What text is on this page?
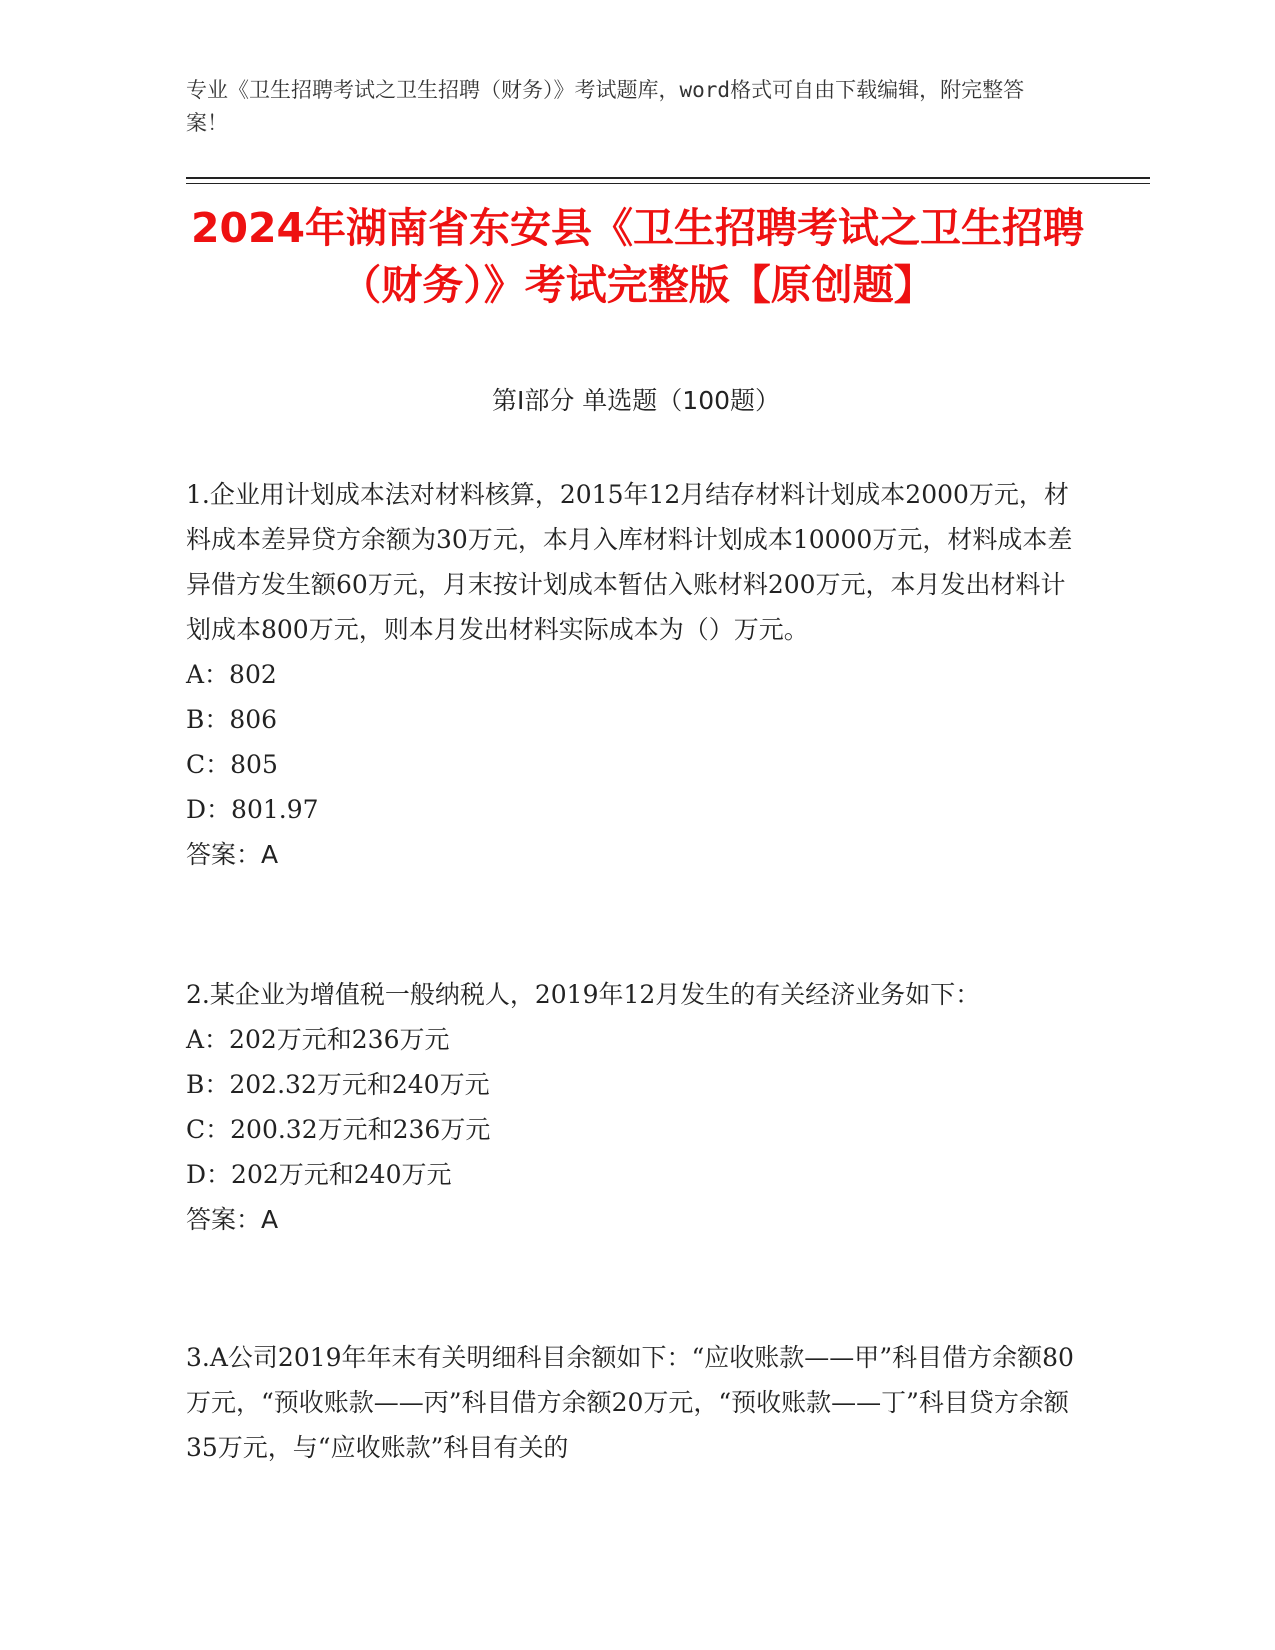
专业《卫生招聘考试之卫生招聘（财务）》考试题库，word格式可自由下载编辑，附完整答案！
2024年湖南省东安县《卫生招聘考试之卫生招聘（财务）》考试完整版【原创题】
第I部分 单选题（100题）

1.企业用计划成本法对材料核算，2015年12月结存材料计划成本2000万元，材料成本差异贷方余额为30万元，本月入库材料计划成本10000万元，材料成本差异借方发生额60万元，月末按计划成本暂估入账材料200万元，本月发出材料计划成本800万元，则本月发出材料实际成本为（）万元。

A：802

B：806

C：805

D：801.97

答案：A

2.某企业为增值税一般纳税人，2019年12月发生的有关经济业务如下：

A：202万元和236万元

B：202.32万元和240万元

C：200.32万元和236万元

D：202万元和240万元

答案：A

3.A公司2019年年末有关明细科目余额如下：“应收账款——甲”科目借方余额80万元，“预收账款——丙”科目借方余额20万元，“预收账款——丁”科目贷方余额35万元，与“应收账款”科目有关的
